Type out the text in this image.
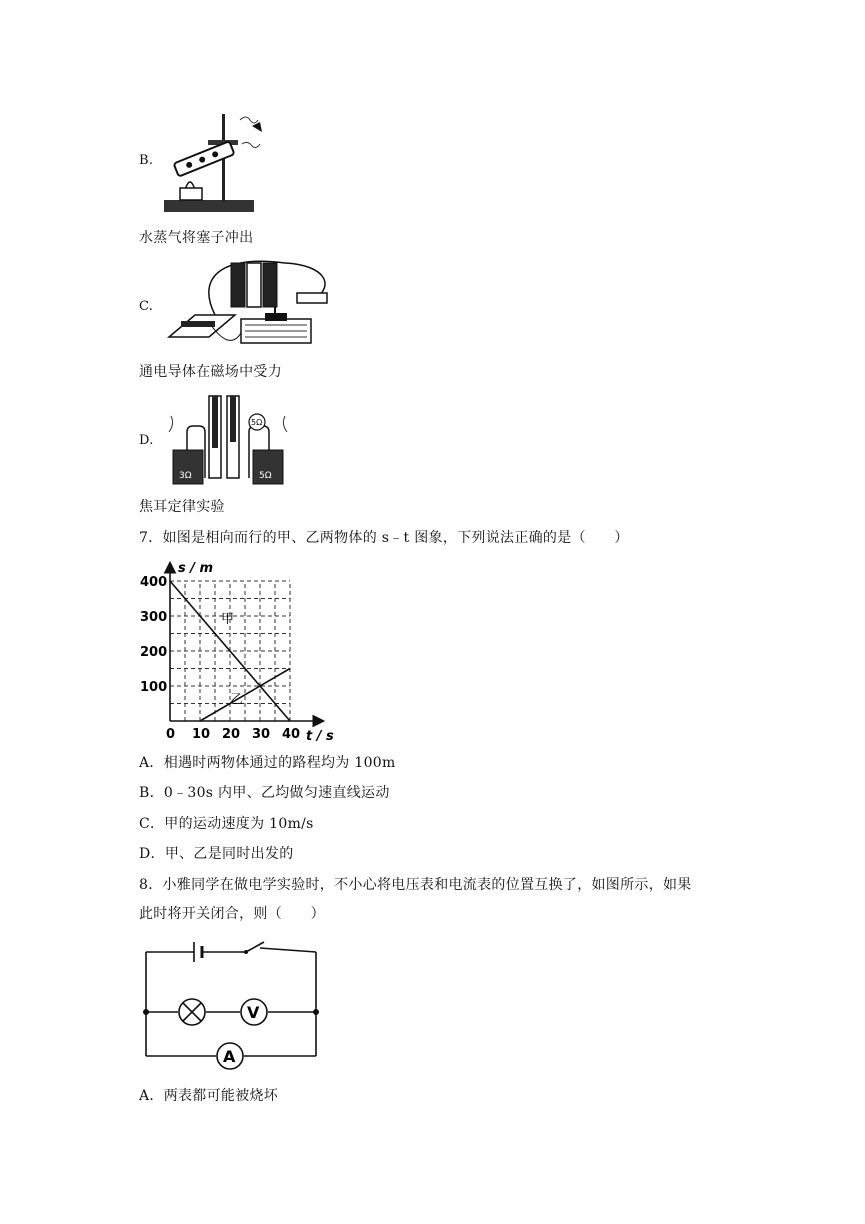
B.
水蒸气将塞子冲出
C.
通电导体在磁场中受力
D.
3Ω	5Ω
5Ω
焦耳定律实验
7．如图是相向而行的甲、乙两物体的 s﹣t 图象，下列说法正确的是（　　）
s / m
t / s
0 10 20 30 40
100
200
300
400
甲
乙
A．相遇时两物体通过的路程均为 100m
B．0﹣30s 内甲、乙均做匀速直线运动
C．甲的运动速度为 10m/s
D．甲、乙是同时出发的
8．小雅同学在做电学实验时，不小心将电压表和电流表的位置互换了，如图所示，如果
此时将开关闭合，则（　　）
V
A
A．两表都可能被烧坏
